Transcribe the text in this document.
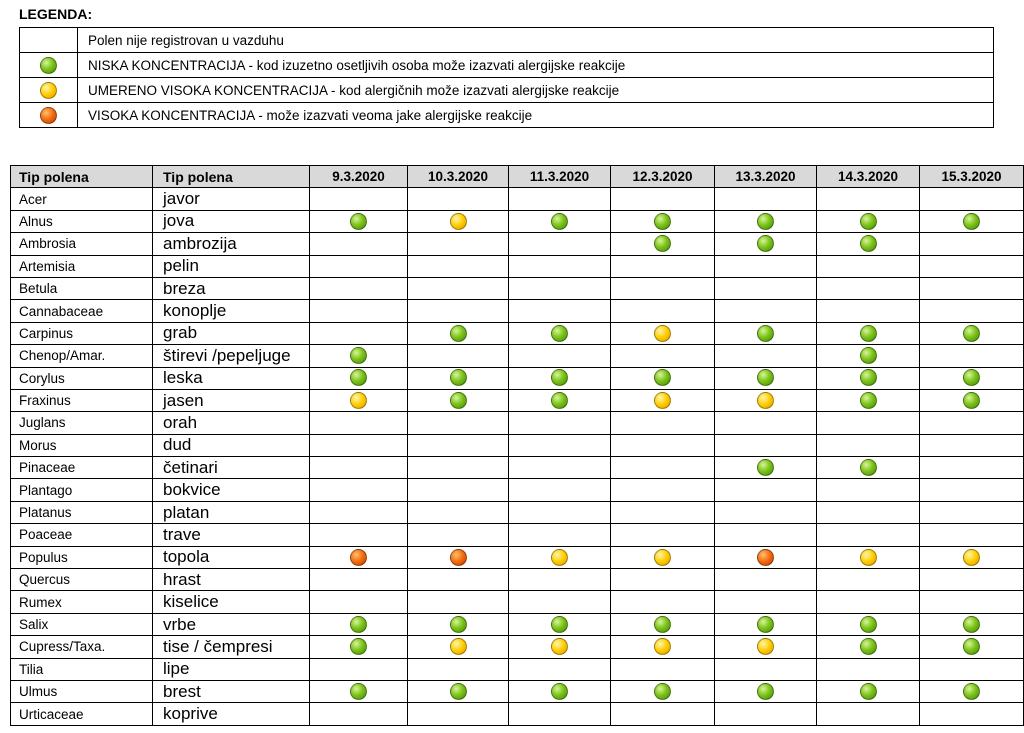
LEGENDA:
	Polen nije registrovan u vazduhu
	NISKA KONCENTRACIJA - kod izuzetno osetljivih osoba može izazvati alergijske reakcije
	UMERENO VISOKA KONCENTRACIJA - kod alergičnih može izazvati alergijske reakcije
	VISOKA KONCENTRACIJA - može izazvati veoma jake alergijske reakcije
Tip polena	Tip polena	9.3.2020	10.3.2020	11.3.2020	12.3.2020	13.3.2020	14.3.2020	15.3.2020
Acer	javor							
Alnus	jova							
Ambrosia	ambrozija							
Artemisia	pelin							
Betula	breza							
Cannabaceae	konoplje							
Carpinus	grab							
Chenop/Amar.	štirevi /pepeljuge							
Corylus	leska							
Fraxinus	jasen							
Juglans	orah							
Morus	dud							
Pinaceae	četinari							
Plantago	bokvice							
Platanus	platan							
Poaceae	trave							
Populus	topola							
Quercus	hrast							
Rumex	kiselice							
Salix	vrbe							
Cupress/Taxa.	tise / čempresi							
Tilia	lipe							
Ulmus	brest							
Urticaceae	koprive							
